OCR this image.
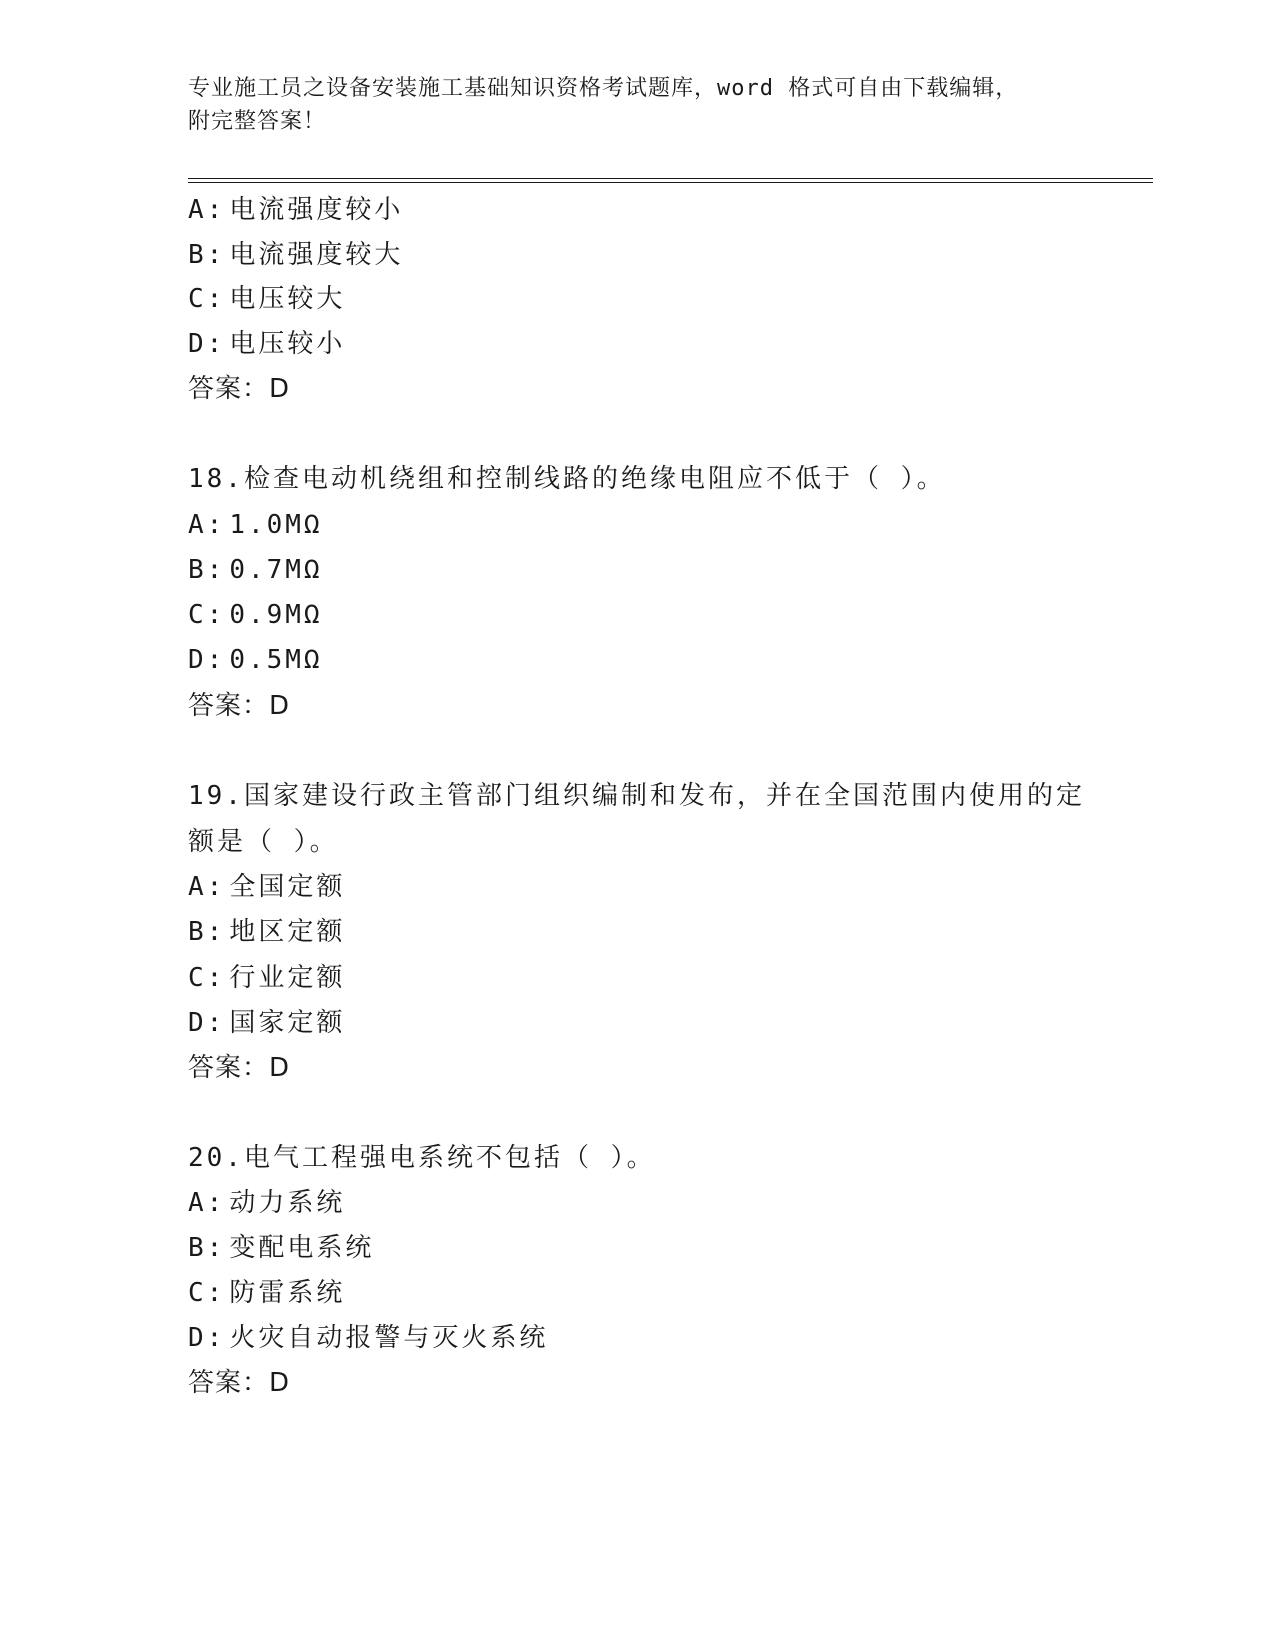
专业施工员之设备安装施工基础知识资格考试题库，word 格式可自由下载编辑，
附完整答案！
A: 电流强度较小
B: 电流强度较大
C: 电压较大
D: 电压较小
答案：D
18.检查电动机绕组和控制线路的绝缘电阻应不低于（ ）。
A: 1.0MΩ
B: 0.7MΩ
C: 0.9MΩ
D: 0.5MΩ
答案：D
19.国家建设行政主管部门组织编制和发布，并在全国范围内使用的定
额是（ ）。
A: 全国定额
B: 地区定额
C: 行业定额
D: 国家定额
答案：D
20.电气工程强电系统不包括（ ）。
A: 动力系统
B: 变配电系统
C: 防雷系统
D: 火灾自动报警与灭火系统
答案：D
